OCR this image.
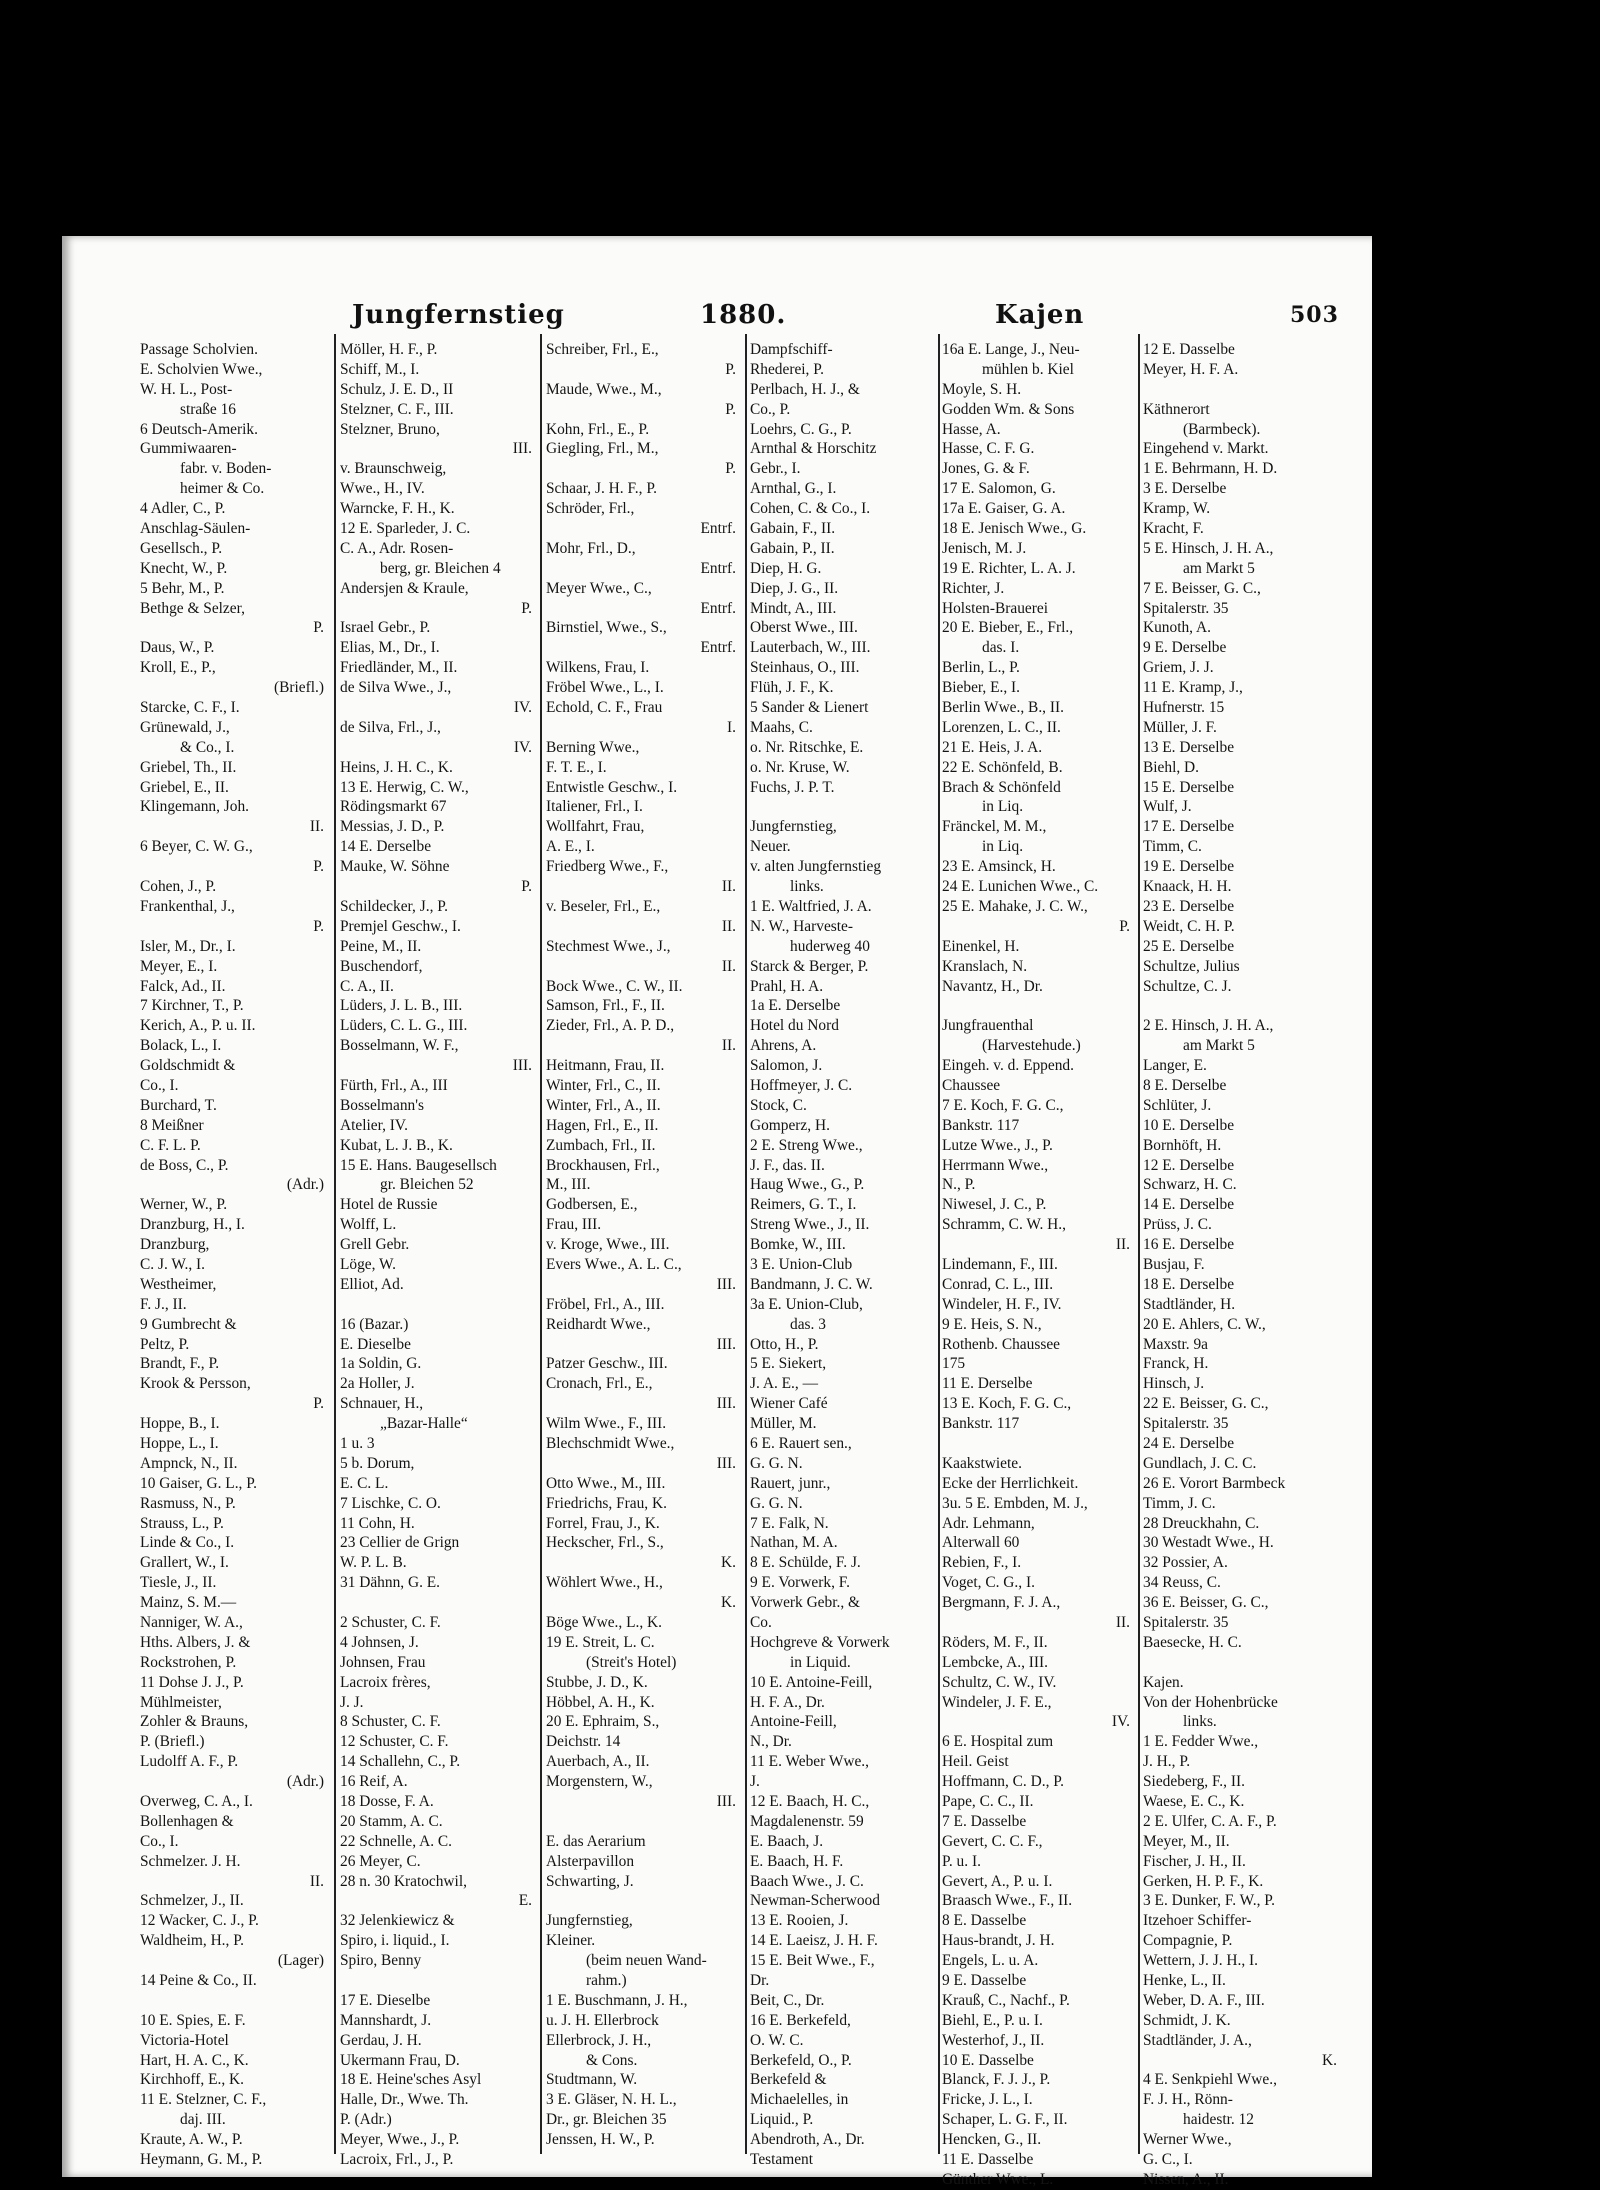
Jungfernstieg	1880.	Kajen	503
Passage Scholvien.
E. Scholvien Wwe.,
W. H. L., Post-
straße 16
6 Deutsch-Amerik.
Gummiwaaren-
fabr. v. Boden-
heimer & Co.
4 Adler, C., P.
Anschlag-Säulen-
Gesellsch., P.
Knecht, W., P.
5 Behr, M., P.
Bethge & Selzer,
P.
Daus, W., P.
Kroll, E., P.,
(Briefl.)
Starcke, C. F., I.
Grünewald, J.,
& Co., I.
Griebel, Th., II.
Griebel, E., II.
Klingemann, Joh.
II.
6 Beyer, C. W. G.,
P.
Cohen, J., P.
Frankenthal, J.,
P.
Isler, M., Dr., I.
Meyer, E., I.
Falck, Ad., II.
7 Kirchner, T., P.
Kerich, A., P. u. II.
Bolack, L., I.
Goldschmidt &
Co., I.
Burchard, T.
8 Meißner
C. F. L. P.
de Boss, C., P.
(Adr.)
Werner, W., P.
Dranzburg, H., I.
Dranzburg,
C. J. W., I.
Westheimer,
F. J., II.
9 Gumbrecht &
Peltz, P.
Brandt, F., P.
Krook & Persson,
P.
Hoppe, B., I.
Hoppe, L., I.
Ampnck, N., II.
10 Gaiser, G. L., P.
Rasmuss, N., P.
Strauss, L., P.
Linde & Co., I.
Grallert, W., I.
Tiesle, J., II.
Mainz, S. M.—
Nanniger, W. A.,
Hths. Albers, J. &
Rockstrohen, P.
11 Dohse J. J., P.
Mühlmeister,
Zohler & Brauns,
P. (Briefl.)
Ludolff A. F., P.
(Adr.)
Overweg, C. A., I.
Bollenhagen &
Co., I.
Schmelzer. J. H.
II.
Schmelzer, J., II.
12 Wacker, C. J., P.
Waldheim, H., P.
(Lager)
14 Peine & Co., II.
10 E. Spies, E. F.
Victoria-Hotel
Hart, H. A. C., K.
Kirchhoff, E., K.
11 E. Stelzner, C. F.,
daj. III.
Kraute, A. W., P.
Heymann, G. M., P.
Möller, H. F., P.
Schiff, M., I.
Schulz, J. E. D., II
Stelzner, C. F., III.
Stelzner, Bruno,
III.
v. Braunschweig,
Wwe., H., IV.
Warncke, F. H., K.
12 E. Sparleder, J. C.
C. A., Adr. Rosen-
berg, gr. Bleichen 4
Andersjen & Kraule,
P.
Israel Gebr., P.
Elias, M., Dr., I.
Friedländer, M., II.
de Silva Wwe., J.,
IV.
de Silva, Frl., J.,
IV.
Heins, J. H. C., K.
13 E. Herwig, C. W.,
Rödingsmarkt 67
Messias, J. D., P.
14 E. Derselbe
Mauke, W. Söhne
P.
Schildecker, J., P.
Premjel Geschw., I.
Peine, M., II.
Buschendorf,
C. A., II.
Lüders, J. L. B., III.
Lüders, C. L. G., III.
Bosselmann, W. F.,
III.
Fürth, Frl., A., III
Bosselmann's
Atelier, IV.
Kubat, L. J. B., K.
15 E. Hans. Baugesellsch
gr. Bleichen 52
Hotel de Russie
Wolff, L.
Grell Gebr.
Löge, W.
Elliot, Ad.
16 (Bazar.)
E. Dieselbe
1a Soldin, G.
2a Holler, J.
Schnauer, H.,
„Bazar-Halle“
1 u. 3
5 b. Dorum,
E. C. L.
7 Lischke, C. O.
11 Cohn, H.
23 Cellier de Grign
W. P. L. B.
31 Dähnn, G. E.
2 Schuster, C. F.
4 Johnsen, J.
Johnsen, Frau
Lacroix frères,
J. J.
8 Schuster, C. F.
12 Schuster, C. F.
14 Schallehn, C., P.
16 Reif, A.
18 Dosse, F. A.
20 Stamm, A. C.
22 Schnelle, A. C.
26 Meyer, C.
28 n. 30 Kratochwil,
E.
32 Jelenkiewicz &
Spiro, i. liquid., I.
Spiro, Benny
17 E. Dieselbe
Mannshardt, J.
Gerdau, J. H.
Ukermann Frau, D.
18 E. Heine'sches Asyl
Halle, Dr., Wwe. Th.
P. (Adr.)
Meyer, Wwe., J., P.
Lacroix, Frl., J., P.
Schreiber, Frl., E.,
P.
Maude, Wwe., M.,
P.
Kohn, Frl., E., P.
Giegling, Frl., M.,
P.
Schaar, J. H. F., P.
Schröder, Frl.,
Entrf.
Mohr, Frl., D.,
Entrf.
Meyer Wwe., C.,
Entrf.
Birnstiel, Wwe., S.,
Entrf.
Wilkens, Frau, I.
Fröbel Wwe., L., I.
Echold, C. F., Frau
I.
Berning Wwe.,
F. T. E., I.
Entwistle Geschw., I.
Italiener, Frl., I.
Wollfahrt, Frau,
A. E., I.
Friedberg Wwe., F.,
II.
v. Beseler, Frl., E.,
II.
Stechmest Wwe., J.,
II.
Bock Wwe., C. W., II.
Samson, Frl., F., II.
Zieder, Frl., A. P. D.,
II.
Heitmann, Frau, II.
Winter, Frl., C., II.
Winter, Frl., A., II.
Hagen, Frl., E., II.
Zumbach, Frl., II.
Brockhausen, Frl.,
M., III.
Godbersen, E.,
Frau, III.
v. Kroge, Wwe., III.
Evers Wwe., A. L. C.,
III.
Fröbel, Frl., A., III.
Reidhardt Wwe.,
III.
Patzer Geschw., III.
Cronach, Frl., E.,
III.
Wilm Wwe., F., III.
Blechschmidt Wwe.,
III.
Otto Wwe., M., III.
Friedrichs, Frau, K.
Forrel, Frau, J., K.
Heckscher, Frl., S.,
K.
Wöhlert Wwe., H.,
K.
Böge Wwe., L., K.
19 E. Streit, L. C.
(Streit's Hotel)
Stubbe, J. D., K.
Höbbel, A. H., K.
20 E. Ephraim, S.,
Deichstr. 14
Auerbach, A., II.
Morgenstern, W.,
III.
E. das Aerarium
Alsterpavillon
Schwarting, J.
Jungfernstieg,
Kleiner.
(beim neuen Wand-
rahm.)
1 E. Buschmann, J. H.,
u. J. H. Ellerbrock
Ellerbrock, J. H.,
& Cons.
Studtmann, W.
3 E. Gläser, N. H. L.,
Dr., gr. Bleichen 35
Jenssen, H. W., P.
Dampfschiff-
Rhederei, P.
Perlbach, H. J., &
Co., P.
Loehrs, C. G., P.
Arnthal & Horschitz
Gebr., I.
Arnthal, G., I.
Cohen, C. & Co., I.
Gabain, F., II.
Gabain, P., II.
Diep, H. G.
Diep, J. G., II.
Mindt, A., III.
Oberst Wwe., III.
Lauterbach, W., III.
Steinhaus, O., III.
Flüh, J. F., K.
5 Sander & Lienert
Maahs, C.
o. Nr. Ritschke, E.
o. Nr. Kruse, W.
Fuchs, J. P. T.
Jungfernstieg,
Neuer.
v. alten Jungfernstieg
links.
1 E. Waltfried, J. A.
N. W., Harveste-
huderweg 40
Starck & Berger, P.
Prahl, H. A.
1a E. Derselbe
Hotel du Nord
Ahrens, A.
Salomon, J.
Hoffmeyer, J. C.
Stock, C.
Gomperz, H.
2 E. Streng Wwe.,
J. F., das. II.
Haug Wwe., G., P.
Reimers, G. T., I.
Streng Wwe., J., II.
Bomke, W., III.
3 E. Union-Club
Bandmann, J. C. W.
3a E. Union-Club,
das. 3
Otto, H., P.
5 E. Siekert,
J. A. E., —
Wiener Café
Müller, M.
6 E. Rauert sen.,
G. G. N.
Rauert, junr.,
G. G. N.
7 E. Falk, N.
Nathan, M. A.
8 E. Schülde, F. J.
9 E. Vorwerk, F.
Vorwerk Gebr., &
Co.
Hochgreve & Vorwerk
in Liquid.
10 E. Antoine-Feill,
H. F. A., Dr.
Antoine-Feill,
N., Dr.
11 E. Weber Wwe.,
J.
12 E. Baach, H. C.,
Magdalenenstr. 59
E. Baach, J.
E. Baach, H. F.
Baach Wwe., J. C.
Newman-Scherwood
13 E. Rooien, J.
14 E. Laeisz, J. H. F.
15 E. Beit Wwe., F.,
Dr.
Beit, C., Dr.
16 E. Berkefeld,
O. W. C.
Berkefeld, O., P.
Berkefeld &
Michaelelles, in
Liquid., P.
Abendroth, A., Dr.
Testament
16a E. Lange, J., Neu-
mühlen b. Kiel
Moyle, S. H.
Godden Wm. & Sons
Hasse, A.
Hasse, C. F. G.
Jones, G. & F.
17 E. Salomon, G.
17a E. Gaiser, G. A.
18 E. Jenisch Wwe., G.
Jenisch, M. J.
19 E. Richter, L. A. J.
Richter, J.
Holsten-Brauerei
20 E. Bieber, E., Frl.,
das. I.
Berlin, L., P.
Bieber, E., I.
Berlin Wwe., B., II.
Lorenzen, L. C., II.
21 E. Heis, J. A.
22 E. Schönfeld, B.
Brach & Schönfeld
in Liq.
Fränckel, M. M.,
in Liq.
23 E. Amsinck, H.
24 E. Lunichen Wwe., C.
25 E. Mahake, J. C. W.,
P.
Einenkel, H.
Kranslach, N.
Navantz, H., Dr.
Jungfrauenthal
(Harvestehude.)
Eingeh. v. d. Eppend.
Chaussee
7 E. Koch, F. G. C.,
Bankstr. 117
Lutze Wwe., J., P.
Herrmann Wwe.,
N., P.
Niwesel, J. C., P.
Schramm, C. W. H.,
II.
Lindemann, F., III.
Conrad, C. L., III.
Windeler, H. F., IV.
9 E. Heis, S. N.,
Rothenb. Chaussee
175
11 E. Derselbe
13 E. Koch, F. G. C.,
Bankstr. 117
Kaakstwiete.
Ecke der Herrlichkeit.
3u. 5 E. Embden, M. J.,
Adr. Lehmann,
Alterwall 60
Rebien, F., I.
Voget, C. G., I.
Bergmann, F. J. A.,
II.
Röders, M. F., II.
Lembcke, A., III.
Schultz, C. W., IV.
Windeler, J. F. E.,
IV.
6 E. Hospital zum
Heil. Geist
Hoffmann, C. D., P.
Pape, C. C., II.
7 E. Dasselbe
Gevert, C. C. F.,
P. u. I.
Gevert, A., P. u. I.
Braasch Wwe., F., II.
8 E. Dasselbe
Haus-brandt, J. H.
Engels, L. u. A.
9 E. Dasselbe
Krauß, C., Nachf., P.
Biehl, E., P. u. I.
Westerhof, J., II.
10 E. Dasselbe
Blanck, F. J. J., P.
Fricke, J. L., I.
Schaper, L. G. F., II.
Hencken, G., II.
11 E. Dasselbe
Günther Wwe., L.
12 E. Dasselbe
Meyer, H. F. A.
Käthnerort
(Barmbeck).
Eingehend v. Markt.
1 E. Behrmann, H. D.
3 E. Derselbe
Kramp, W.
Kracht, F.
5 E. Hinsch, J. H. A.,
am Markt 5
7 E. Beisser, G. C.,
Spitalerstr. 35
Kunoth, A.
9 E. Derselbe
Griem, J. J.
11 E. Kramp, J.,
Hufnerstr. 15
Müller, J. F.
13 E. Derselbe
Biehl, D.
15 E. Derselbe
Wulf, J.
17 E. Derselbe
Timm, C.
19 E. Derselbe
Knaack, H. H.
23 E. Derselbe
Weidt, C. H. P.
25 E. Derselbe
Schultze, Julius
Schultze, C. J.
2 E. Hinsch, J. H. A.,
am Markt 5
Langer, E.
8 E. Derselbe
Schlüter, J.
10 E. Derselbe
Bornhöft, H.
12 E. Derselbe
Schwarz, H. C.
14 E. Derselbe
Prüss, J. C.
16 E. Derselbe
Busjau, F.
18 E. Derselbe
Stadtländer, H.
20 E. Ahlers, C. W.,
Maxstr. 9a
Franck, H.
Hinsch, J.
22 E. Beisser, G. C.,
Spitalerstr. 35
24 E. Derselbe
Gundlach, J. C. C.
26 E. Vorort Barmbeck
Timm, J. C.
28 Dreuckhahn, C.
30 Westadt Wwe., H.
32 Possier, A.
34 Reuss, C.
36 E. Beisser, G. C.,
Spitalerstr. 35
Baesecke, H. C.
Kajen.
Von der Hohenbrücke
links.
1 E. Fedder Wwe.,
J. H., P.
Siedeberg, F., II.
Waese, E. C., K.
2 E. Ulfer, C. A. F., P.
Meyer, M., II.
Fischer, J. H., II.
Gerken, H. P. F., K.
3 E. Dunker, F. W., P.
Itzehoer Schiffer-
Compagnie, P.
Wettern, J. J. H., I.
Henke, L., II.
Weber, D. A. F., III.
Schmidt, J. K.
Stadtländer, J. A.,
K.
4 E. Senkpiehl Wwe.,
F. J. H., Rönn-
haidestr. 12
Werner Wwe.,
G. C., I.
Nissen, A., II.
